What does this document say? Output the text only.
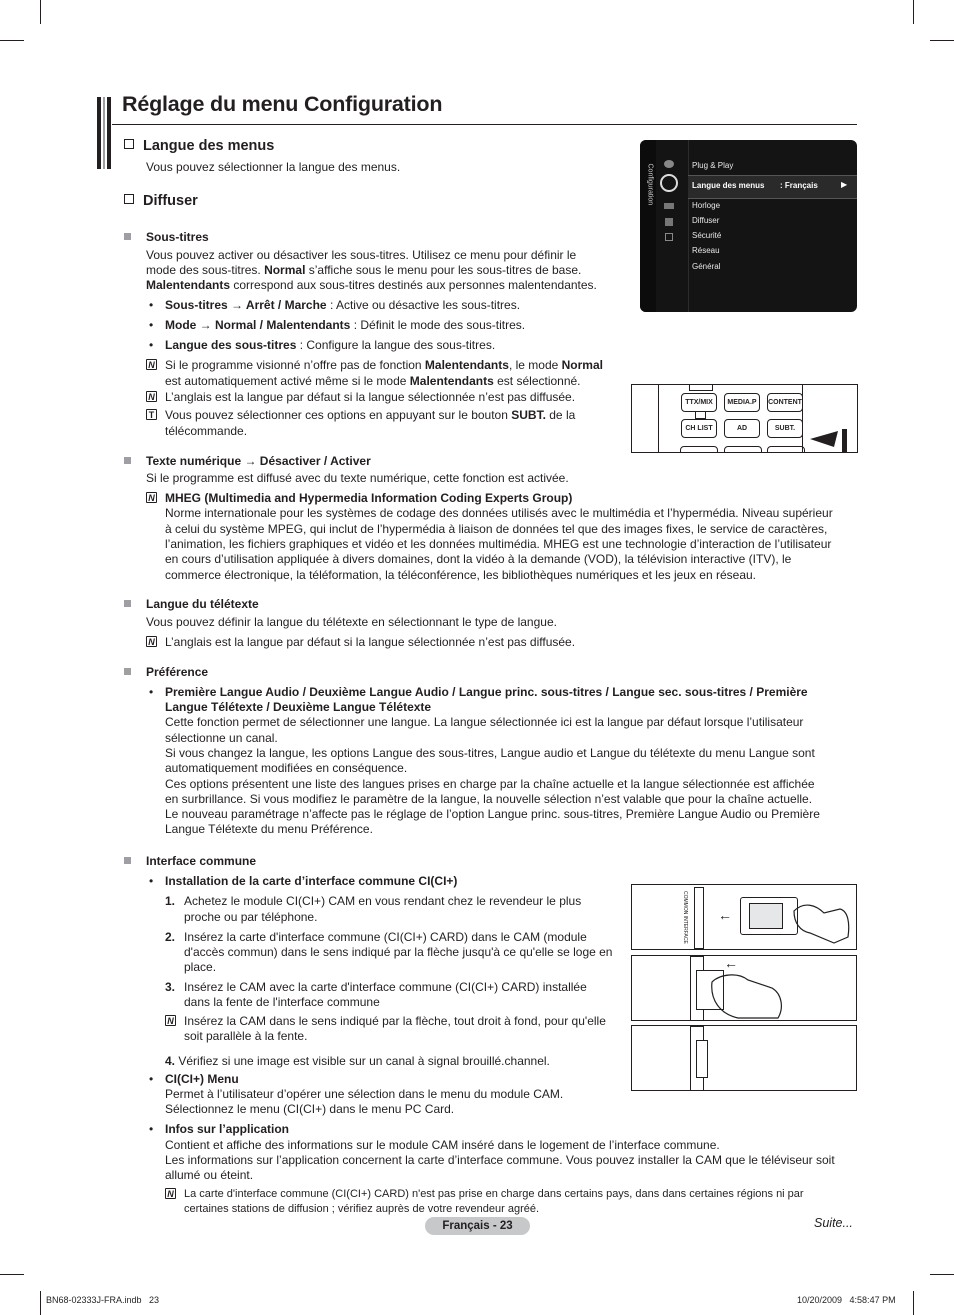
Réglage du menu Configuration
Langue des menus
Vous pouvez sélectionner la langue des menus.
Diffuser
Sous-titres
Vous pouvez activer ou désactiver les sous-titres. Utilisez ce menu pour définir le
mode des sous-titres. Normal s’affiche sous le menu pour les sous-titres de base.
Malentendants correspond aux sous-titres destinés aux personnes malentendantes.
• Sous-titres → Arrêt / Marche : Active ou désactive les sous-titres.
• Mode → Normal / Malentendants : Définit le mode des sous-titres.
• Langue des sous-titres : Configure la langue des sous-titres.
N Si le programme visionné n’offre pas de fonction Malentendants, le mode Normal
est automatiquement activé même si le mode Malentendants est sélectionné.
N L’anglais est la langue par défaut si la langue sélectionnée n’est pas diffusée.
T Vous pouvez sélectionner ces options en appuyant sur le bouton SUBT. de la
télécommande.
Configuration	Plug & Play
Langue des menus : Français	▶
Horloge
Diffuser
Sécurité
Réseau
Général
TTX/MIX	MEDIA.P	CONTENT
CH LIST	AD	SUBT.
Texte numérique → Désactiver / Activer
Si le programme est diffusé avec du texte numérique, cette fonction est activée.
N MHEG (Multimedia and Hypermedia Information Coding Experts Group)
Norme internationale pour les systèmes de codage des données utilisés avec le multimédia et l’hypermédia. Niveau supérieur
à celui du système MPEG, qui inclut de l’hypermédia à liaison de données tel que des images fixes, le service de caractères,
l’animation, les fichiers graphiques et vidéo et les données multimédia. MHEG est une technologie d’interaction de l’utilisateur
en cours d’utilisation appliquée à divers domaines, dont la vidéo à la demande (VOD), la télévision interactive (ITV), le
commerce électronique, la téléformation, la téléconférence, les bibliothèques numériques et les jeux en réseau.
Langue du télétexte
Vous pouvez définir la langue du télétexte en sélectionnant le type de langue.
N L’anglais est la langue par défaut si la langue sélectionnée n’est pas diffusée.
Préférence
• Première Langue Audio / Deuxième Langue Audio / Langue princ. sous-titres / Langue sec. sous-titres / Première
Langue Télétexte / Deuxième Langue Télétexte
Cette fonction permet de sélectionner une langue. La langue sélectionnée ici est la langue par défaut lorsque l’utilisateur
sélectionne un canal.
Si vous changez la langue, les options Langue des sous-titres, Langue audio et Langue du télétexte du menu Langue sont
automatiquement modifiées en conséquence.
Ces options présentent une liste des langues prises en charge par la chaîne actuelle et la langue sélectionnée est affichée
en surbrillance. Si vous modifiez le paramètre de la langue, la nouvelle sélection n’est valable que pour la chaîne actuelle.
Le nouveau paramétrage n’affecte pas le réglage de l’option Langue princ. sous-titres, Première Langue Audio ou Première
Langue Télétexte du menu Préférence.
Interface commune
• Installation de la carte d’interface commune CI(CI+)
1. Achetez le module CI(CI+) CAM en vous rendant chez le revendeur le plus
proche ou par téléphone.
2. Insérez la carte d'interface commune (CI(CI+) CARD) dans le CAM (module
d'accès commun) dans le sens indiqué par la flèche jusqu'à ce qu'elle se loge en
place.
3. Insérez le CAM avec la carte d'interface commune (CI(CI+) CARD) installée
dans la fente de l'interface commune
N Insérez la CAM dans le sens indiqué par la flèche, tout droit à fond, pour qu'elle
soit parallèle à la fente.
4. Vérifiez si une image est visible sur un canal à signal brouillé.channel.
• CI(CI+) Menu
Permet à l’utilisateur d’opérer une sélection dans le menu du module CAM.
Sélectionnez le menu (CI(CI+) dans le menu PC Card.
• Infos sur l’application
Contient et affiche des informations sur le module CAM inséré dans le logement de l’interface commune.
Les informations sur l’application concernent la carte d’interface commune. Vous pouvez installer la CAM que le téléviseur soit
allumé ou éteint.
N La carte d'interface commune (CI(CI+) CARD) n'est pas prise en charge dans certains pays, dans dans certaines régions ni par
certaines stations de diffusion ; vérifiez auprès de votre revendeur agréé.
COMMON INTERFACE ←
←
Français - 23	Suite...
BN68-02333J-FRA.indb   23	10/20/2009   4:58:47 PM
